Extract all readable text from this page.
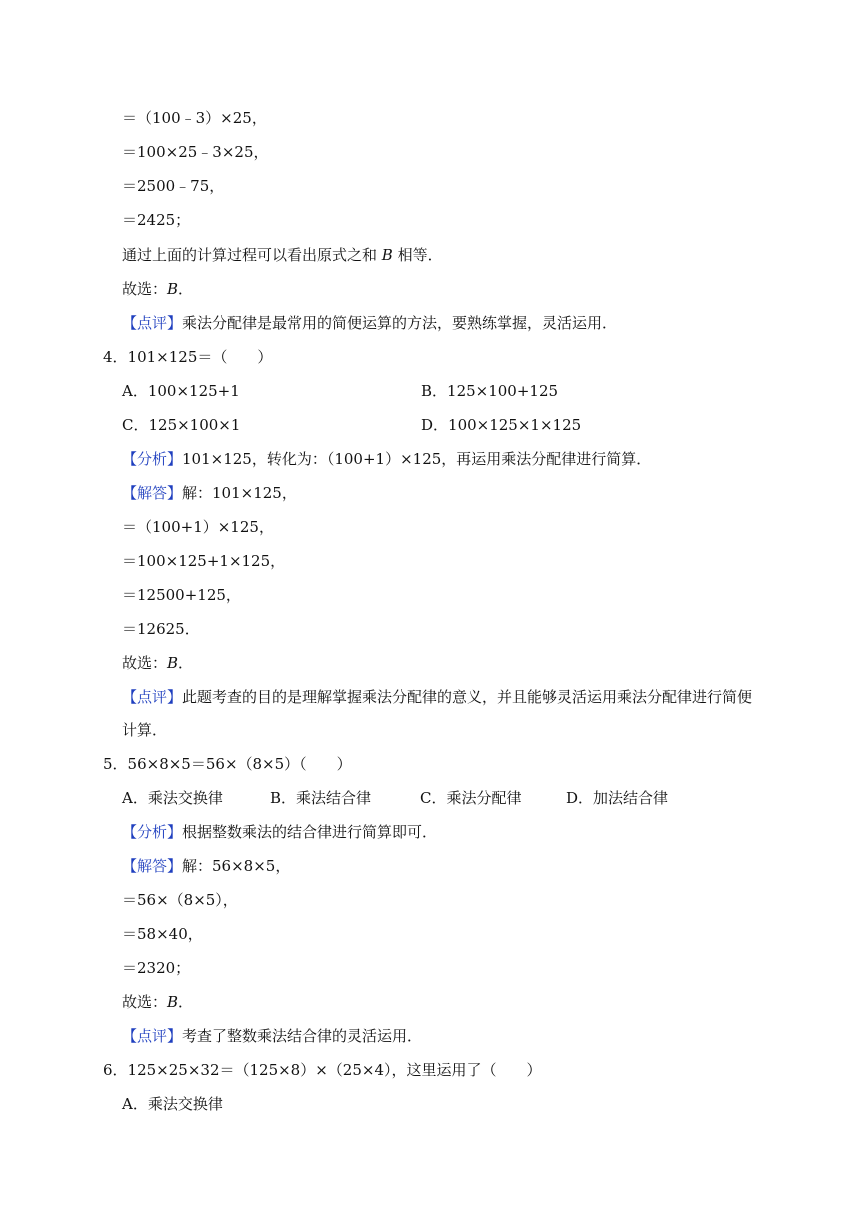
＝（100﹣3）×25，
＝100×25﹣3×25，
＝2500﹣75，
＝2425；
通过上面的计算过程可以看出原式之和 B 相等．
故选：B．
【点评】乘法分配律是最常用的简便运算的方法，要熟练掌握，灵活运用．
4．101×125＝（　　）
A．100×125+1	B．125×100+125
C．125×100×1	D．100×125×1×125
【分析】101×125，转化为：（100+1）×125，再运用乘法分配律进行简算．
【解答】解：101×125，
＝（100+1）×125，
＝100×125+1×125，
＝12500+125，
＝12625．
故选：B．
【点评】此题考查的目的是理解掌握乘法分配律的意义，并且能够灵活运用乘法分配律进行简便
计算．
5．56×8×5＝56×（8×5）（　　）
A．乘法交换律	B．乘法结合律	C．乘法分配律	D．加法结合律
【分析】根据整数乘法的结合律进行简算即可．
【解答】解：56×8×5，
＝56×（8×5），
＝58×40，
＝2320；
故选：B．
【点评】考查了整数乘法结合律的灵活运用．
6．125×25×32＝（125×8）×（25×4），这里运用了（　　）
A．乘法交换律
